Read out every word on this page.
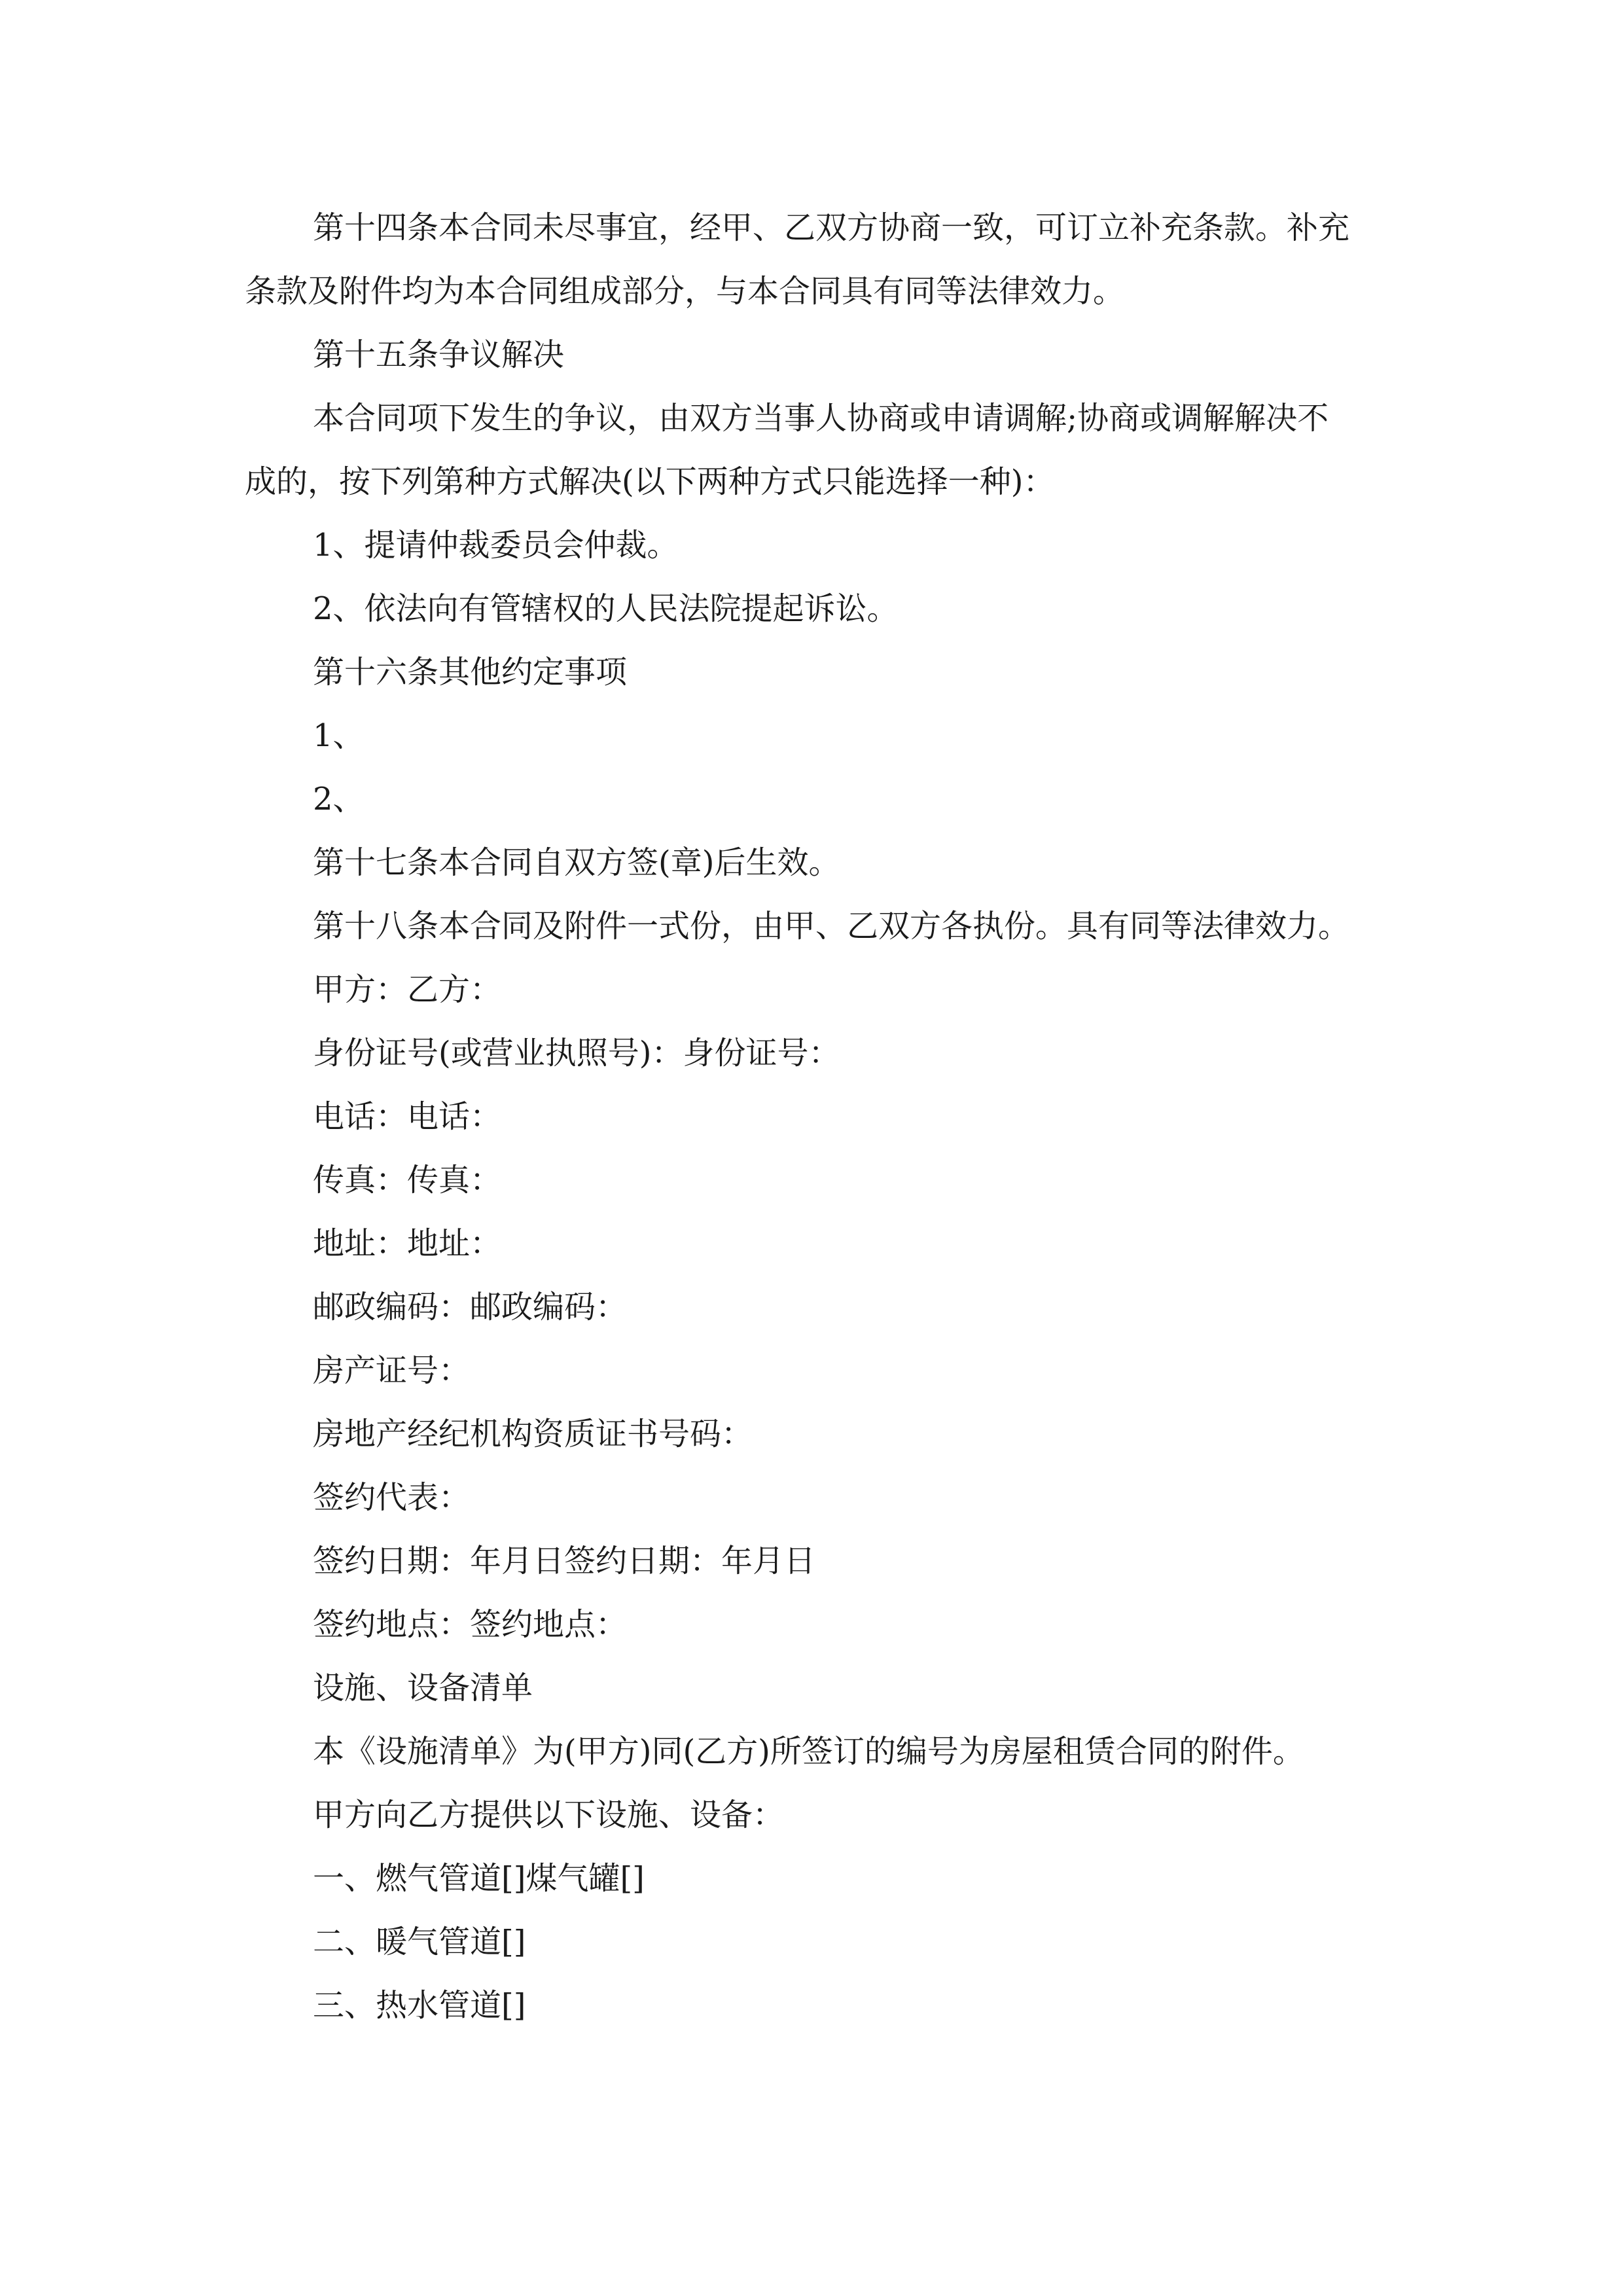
第十四条本合同未尽事宜，经甲、乙双方协商一致，可订立补充条款。补充
条款及附件均为本合同组成部分，与本合同具有同等法律效力。
第十五条争议解决
本合同项下发生的争议，由双方当事人协商或申请调解;协商或调解解决不
成的，按下列第种方式解决(以下两种方式只能选择一种)：
1、提请仲裁委员会仲裁。
2、依法向有管辖权的人民法院提起诉讼。
第十六条其他约定事项
1、
2、
第十七条本合同自双方签(章)后生效。
第十八条本合同及附件一式份，由甲、乙双方各执份。具有同等法律效力。
甲方：乙方：
身份证号(或营业执照号)：身份证号：
电话：电话：
传真：传真：
地址：地址：
邮政编码：邮政编码：
房产证号：
房地产经纪机构资质证书号码：
签约代表：
签约日期：年月日签约日期：年月日
签约地点：签约地点：
设施、设备清单
本《设施清单》为(甲方)同(乙方)所签订的编号为房屋租赁合同的附件。
甲方向乙方提供以下设施、设备：
一、燃气管道[]煤气罐[]
二、暖气管道[]
三、热水管道[]
